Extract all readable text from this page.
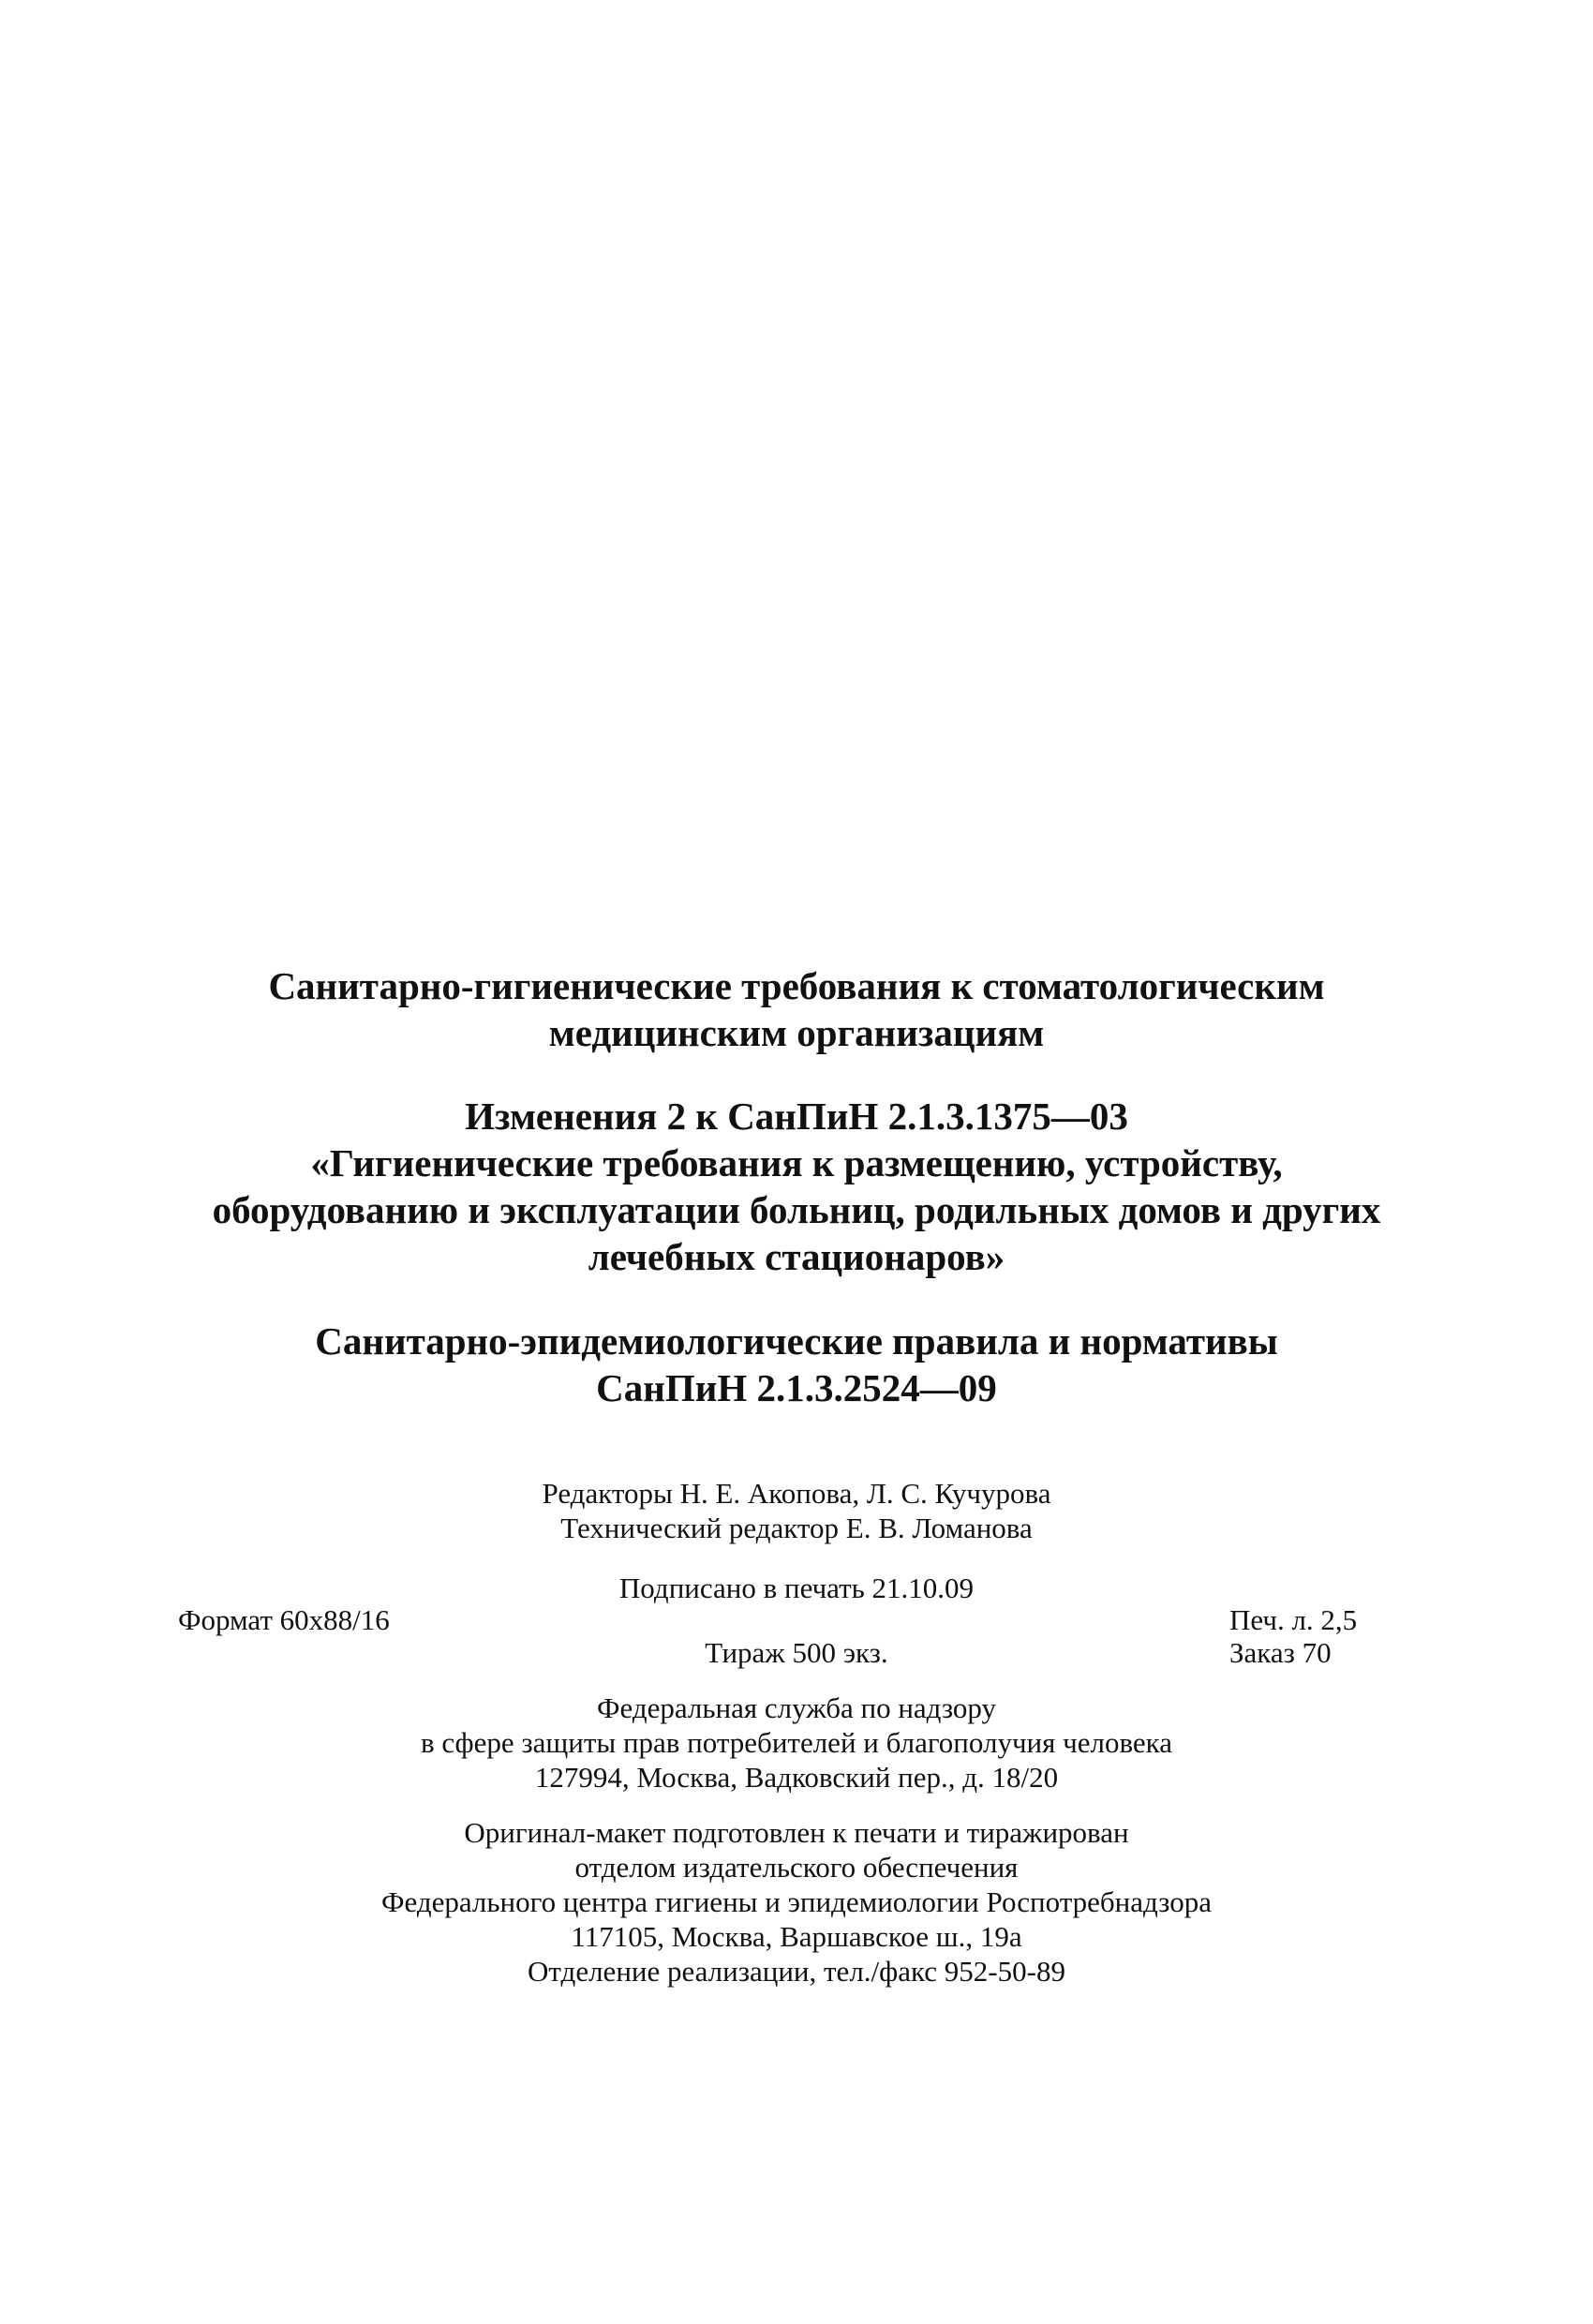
Санитарно-гигиенические требования к стоматологическим
медицинским организациям
Изменения 2 к СанПиН 2.1.3.1375—03
«Гигиенические требования к размещению, устройству,
оборудованию и эксплуатации больниц, родильных домов и других
лечебных стационаров»
Санитарно-эпидемиологические правила и нормативы
СанПиН 2.1.3.2524—09
Редакторы Н. Е. Акопова, Л. С. Кучурова
Технический редактор Е. В. Ломанова
Подписано в печать 21.10.09
Формат 60x88/16	Печ. л. 2,5
Тираж 500 экз.	Заказ 70
Федеральная служба по надзору
в сфере защиты прав потребителей и благополучия человека
127994, Москва, Вадковский пер., д. 18/20
Оригинал-макет подготовлен к печати и тиражирован
отделом издательского обеспечения
Федерального центра гигиены и эпидемиологии Роспотребнадзора
117105, Москва, Варшавское ш., 19а
Отделение реализации, тел./факс 952-50-89
